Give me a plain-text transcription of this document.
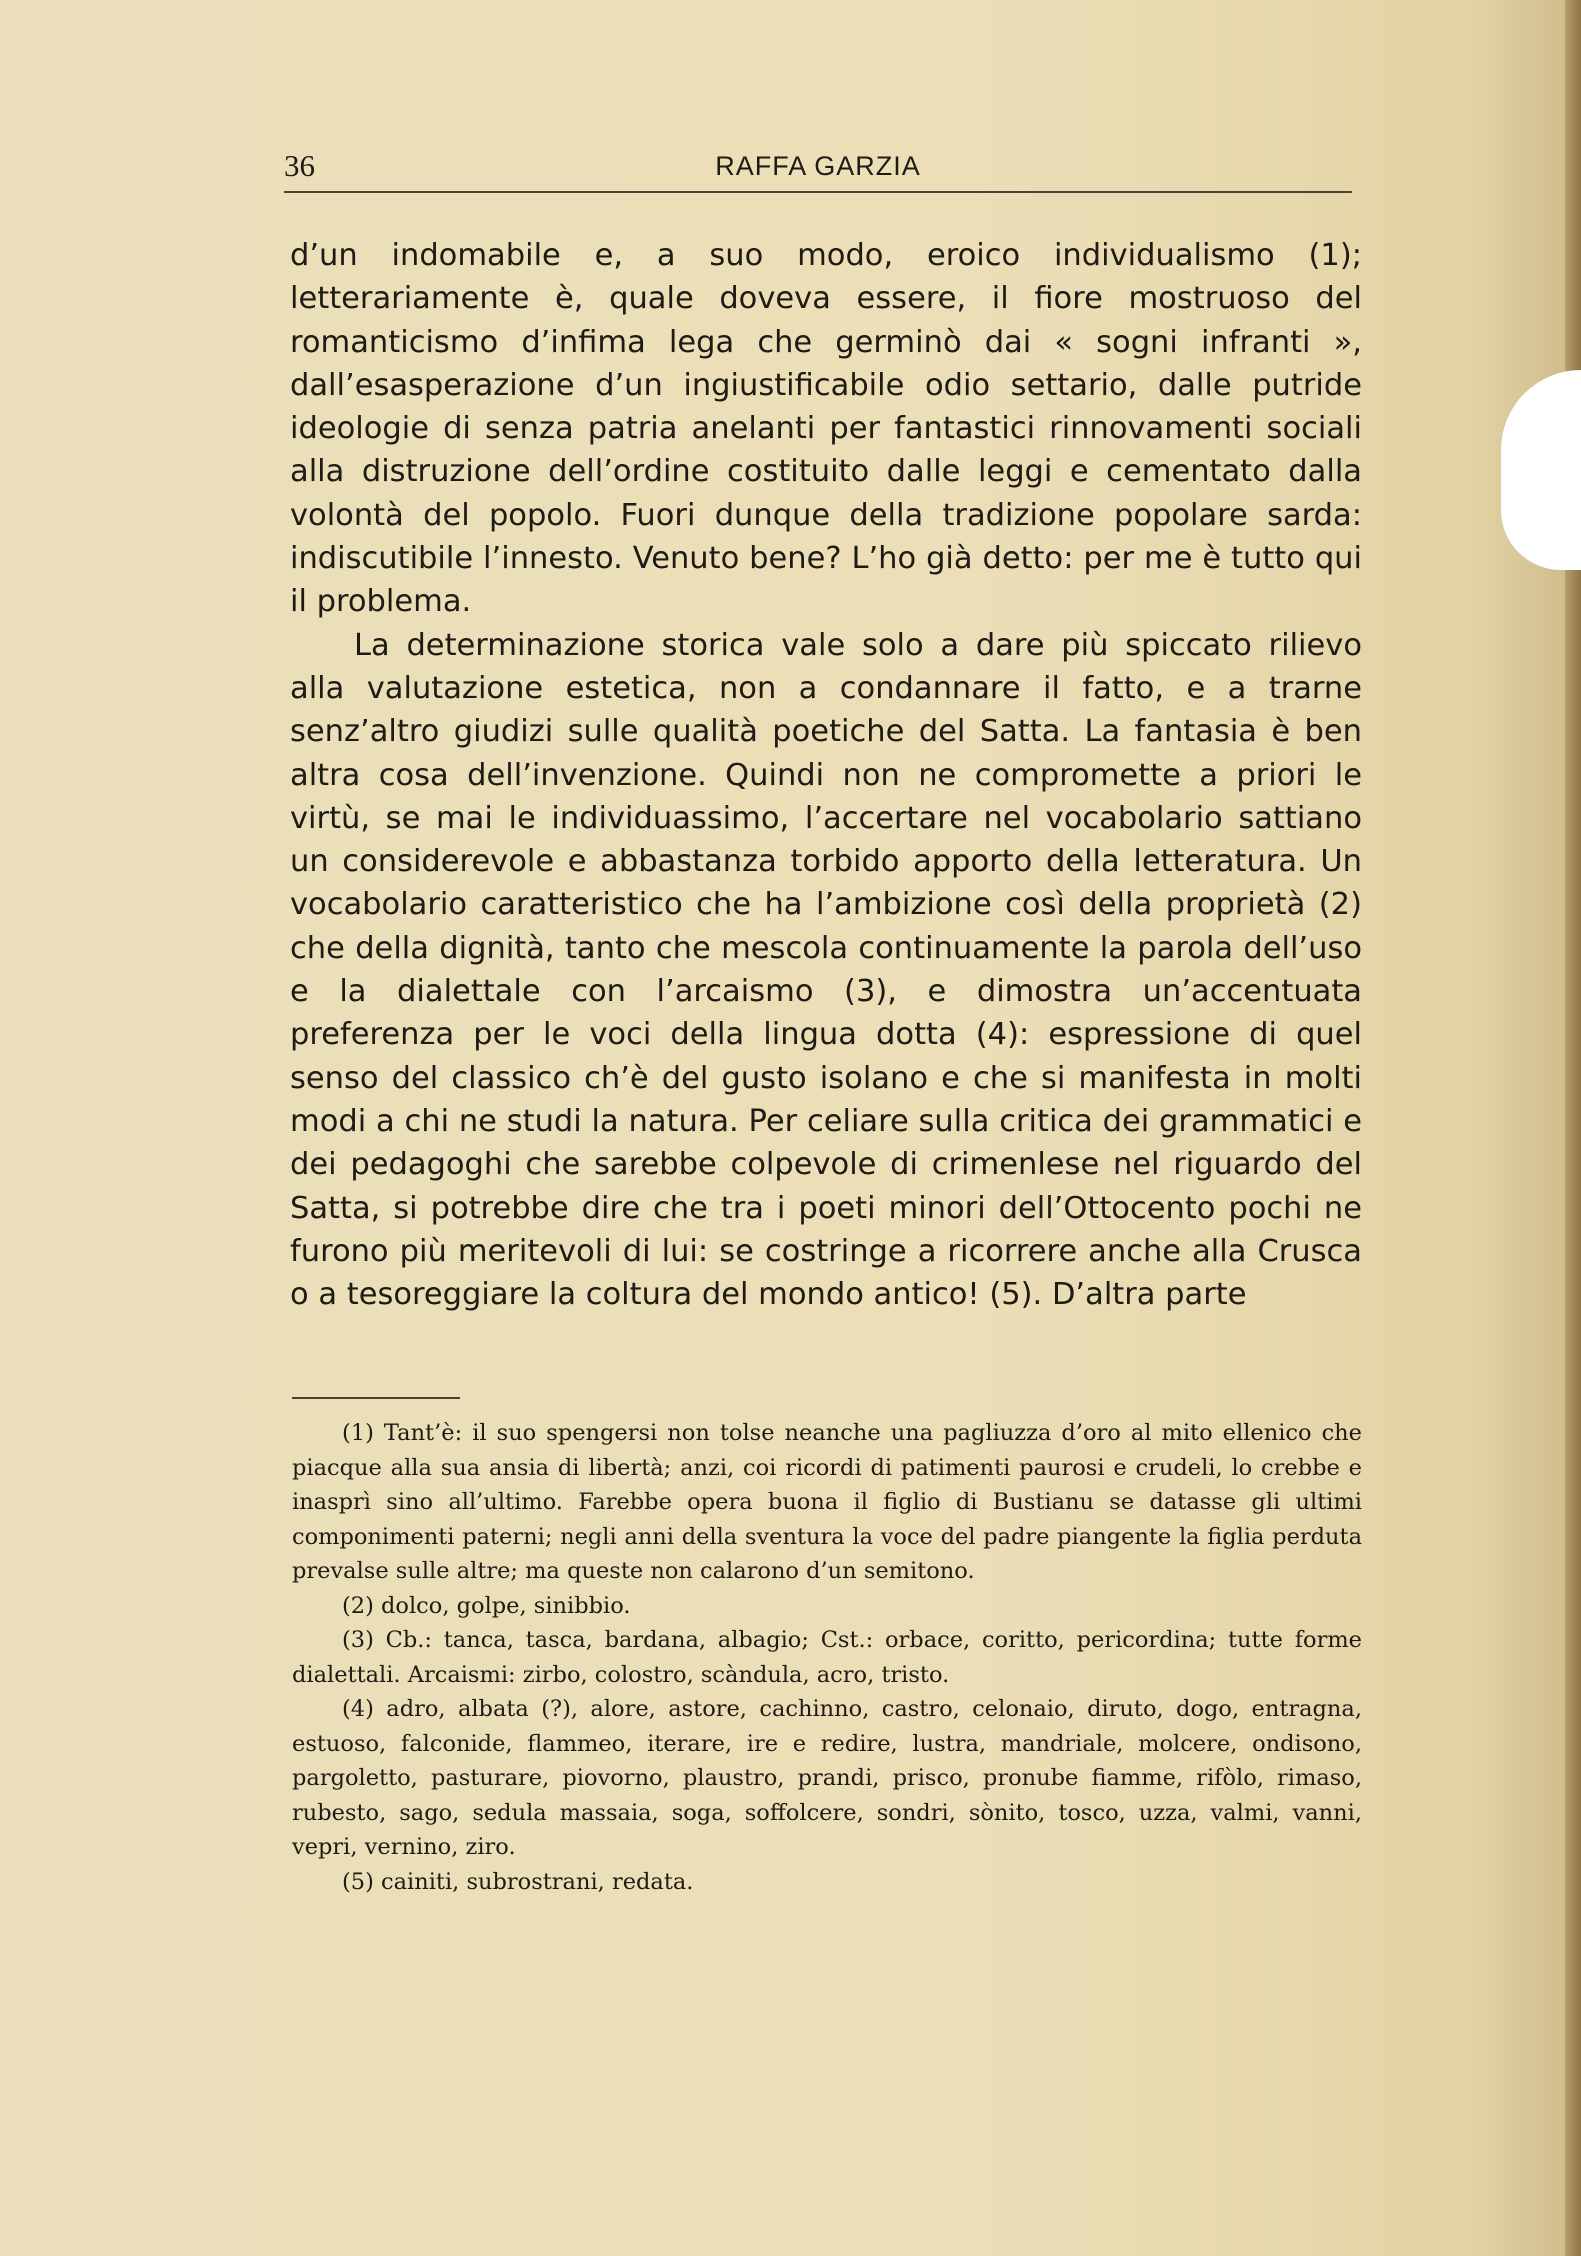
36	RAFFA GARZIA

d’un indomabile e, a suo modo, eroico individualismo (1); letterariamente è, quale doveva essere, il fiore mostruoso del romanticismo d’infima lega che germinò dai « sogni infranti », dall’esasperazione d’un ingiustificabile odio settario, dalle putride ideologie di senza patria anelanti per fantastici rinnovamenti sociali alla distruzione dell’ordine costituito dalle leggi e cementato dalla volontà del popolo. Fuori dunque della tradizione popolare sarda: indiscutibile l’innesto. Venuto bene? L’ho già detto: per me è tutto qui il problema.

La determinazione storica vale solo a dare più spiccato rilievo alla valutazione estetica, non a condannare il fatto, e a trarne senz’altro giudizi sulle qualità poetiche del Satta. La fantasia è ben altra cosa dell’invenzione. Quindi non ne compromette a priori le virtù, se mai le individuassimo, l’accertare nel vocabolario sattiano un considerevole e abbastanza torbido apporto della letteratura. Un vocabolario caratteristico che ha l’ambizione così della proprietà (2) che della dignità, tanto che mescola continuamente la parola dell’uso e la dialettale con l’arcaismo (3), e dimostra un’accentuata preferenza per le voci della lingua dotta (4): espressione di quel senso del classico ch’è del gusto isolano e che si manifesta in molti modi a chi ne studi la natura. Per celiare sulla critica dei grammatici e dei pedagoghi che sarebbe colpevole di crimenlese nel riguardo del Satta, si potrebbe dire che tra i poeti minori dell’Ottocento pochi ne furono più meritevoli di lui: se costringe a ricorrere anche alla Crusca o a tesoreggiare la coltura del mondo antico! (5). D’altra parte

(1) Tant’è: il suo spengersi non tolse neanche una pagliuzza d’oro al mito ellenico che piacque alla sua ansia di libertà; anzi, coi ricordi di patimenti paurosi e crudeli, lo crebbe e inasprì sino all’ultimo. Farebbe opera buona il figlio di Bustianu se datasse gli ultimi componimenti paterni; negli anni della sventura la voce del padre piangente la figlia perduta prevalse sulle altre; ma queste non calarono d’un semitono.

(2) dolco, golpe, sinibbio.

(3) Cb.: tanca, tasca, bardana, albagio; Cst.: orbace, coritto, pericordina; tutte forme dialettali. Arcaismi: zirbo, colostro, scàndula, acro, tristo.

(4) adro, albata (?), alore, astore, cachinno, castro, celonaio, diruto, dogo, entragna, estuoso, falconide, flammeo, iterare, ire e redire, lustra, mandriale, molcere, ondisono, pargoletto, pasturare, piovorno, plaustro, prandi, prisco, pronube fiamme, rifòlo, rimaso, rubesto, sago, sedula massaia, soga, soffolcere, sondri, sònito, tosco, uzza, valmi, vanni, vepri, vernino, ziro.

(5) cainiti, subrostrani, redata.
